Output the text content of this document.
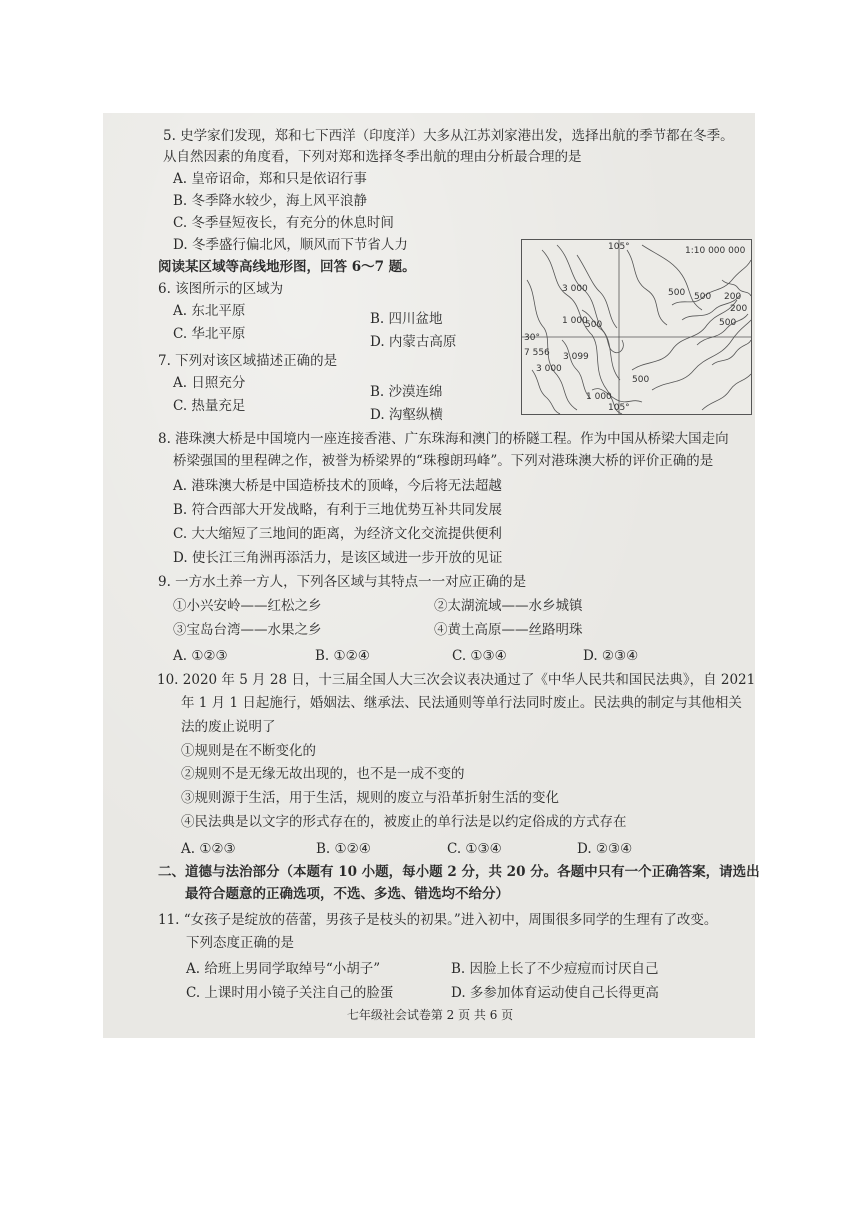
5. 史学家们发现，郑和七下西洋（印度洋）大多从江苏刘家港出发，选择出航的季节都在冬季。
从自然因素的角度看，下列对郑和选择冬季出航的理由分析最合理的是
A. 皇帝诏命，郑和只是依诏行事
B. 冬季降水较少，海上风平浪静
C. 冬季昼短夜长，有充分的休息时间
D. 冬季盛行偏北风，顺风而下节省人力
阅读某区域等高线地形图，回答 6～7 题。
6. 该图所示的区域为
A. 东北平原	B. 四川盆地
C. 华北平原	D. 内蒙古高原
7. 下列对该区域描述正确的是
A. 日照充分
B. 沙漠连绵
C. 热量充足
D. 沟壑纵横
1:10 000 000
105°
105°
30°
3 000
1 000
500
500 500
500
200
200
7 556 3 099
3 000
1 000
500
8. 港珠澳大桥是中国境内一座连接香港、广东珠海和澳门的桥隧工程。作为中国从桥梁大国走向
桥梁强国的里程碑之作，被誉为桥梁界的“珠穆朗玛峰”。下列对港珠澳大桥的评价正确的是
A. 港珠澳大桥是中国造桥技术的顶峰，今后将无法超越
B. 符合西部大开发战略，有利于三地优势互补共同发展
C. 大大缩短了三地间的距离，为经济文化交流提供便利
D. 使长江三角洲再添活力，是该区域进一步开放的见证
9. 一方水土养一方人，下列各区域与其特点一一对应正确的是
①小兴安岭——红松之乡	②太湖流域——水乡城镇
③宝岛台湾——水果之乡	④黄土高原——丝路明珠
A. ①②③	B. ①②④	C. ①③④	D. ②③④
10. 2020 年 5 月 28 日，十三届全国人大三次会议表决通过了《中华人民共和国民法典》，自 2021
年 1 月 1 日起施行，婚姻法、继承法、民法通则等单行法同时废止。民法典的制定与其他相关
法的废止说明了
①规则是在不断变化的
②规则不是无缘无故出现的，也不是一成不变的
③规则源于生活，用于生活，规则的废立与沿革折射生活的变化
④民法典是以文字的形式存在的，被废止的单行法是以约定俗成的方式存在
A. ①②③	B. ①②④	C. ①③④	D. ②③④
二、道德与法治部分（本题有 10 小题，每小题 2 分，共 20 分。各题中只有一个正确答案，请选出
最符合题意的正确选项，不选、多选、错选均不给分）
11. “女孩子是绽放的蓓蕾，男孩子是枝头的初果。”进入初中，周围很多同学的生理有了改变。
下列态度正确的是
A. 给班上男同学取绰号“小胡子”	B. 因脸上长了不少痘痘而讨厌自己
C. 上课时用小镜子关注自己的脸蛋	D. 多参加体育运动使自己长得更高
七年级社会试卷第 2 页 共 6 页
